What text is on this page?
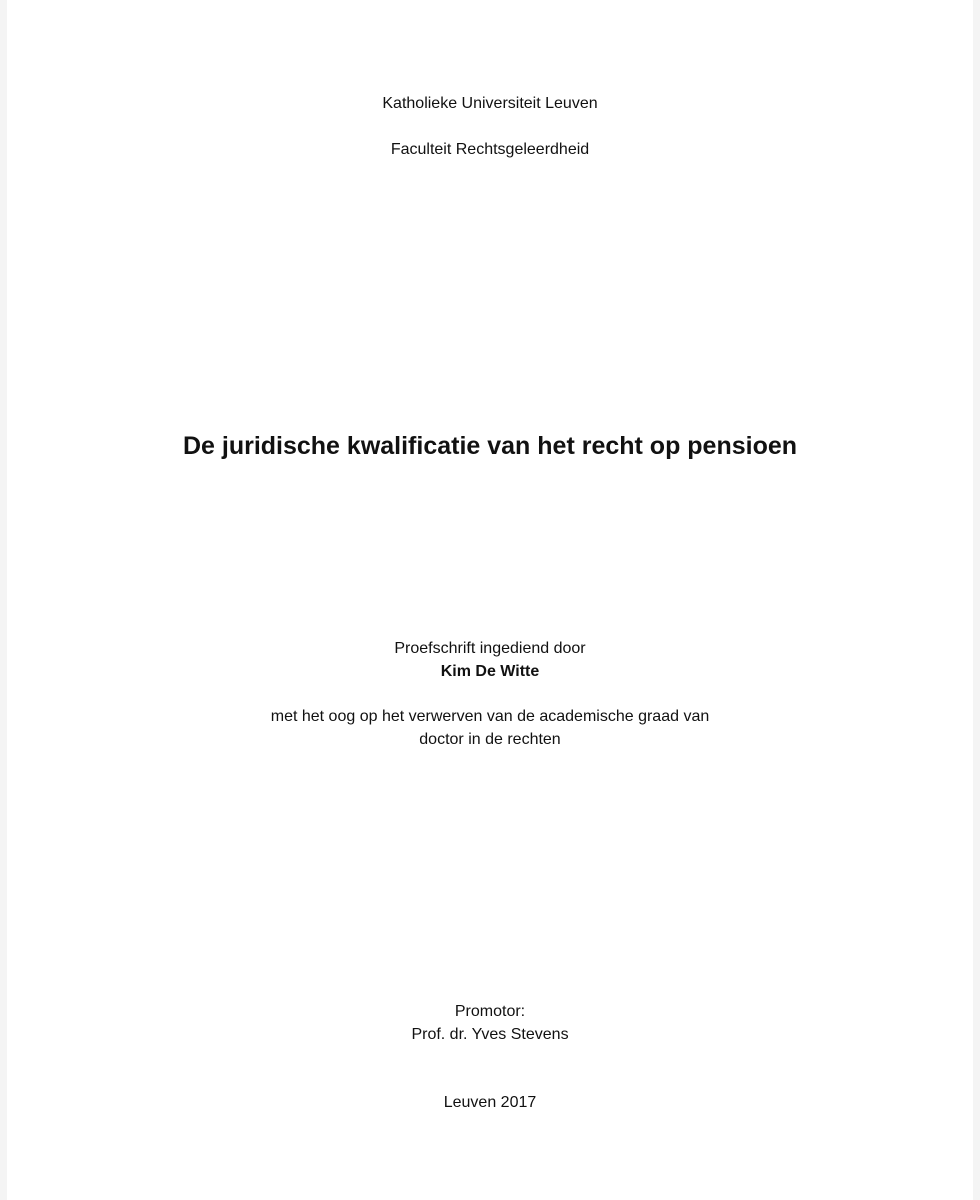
Katholieke Universiteit Leuven
Faculteit Rechtsgeleerdheid
De juridische kwalificatie van het recht op pensioen
Proefschrift ingediend door
Kim De Witte
met het oog op het verwerven van de academische graad van
doctor in de rechten
Promotor:
Prof. dr. Yves Stevens
Leuven 2017
